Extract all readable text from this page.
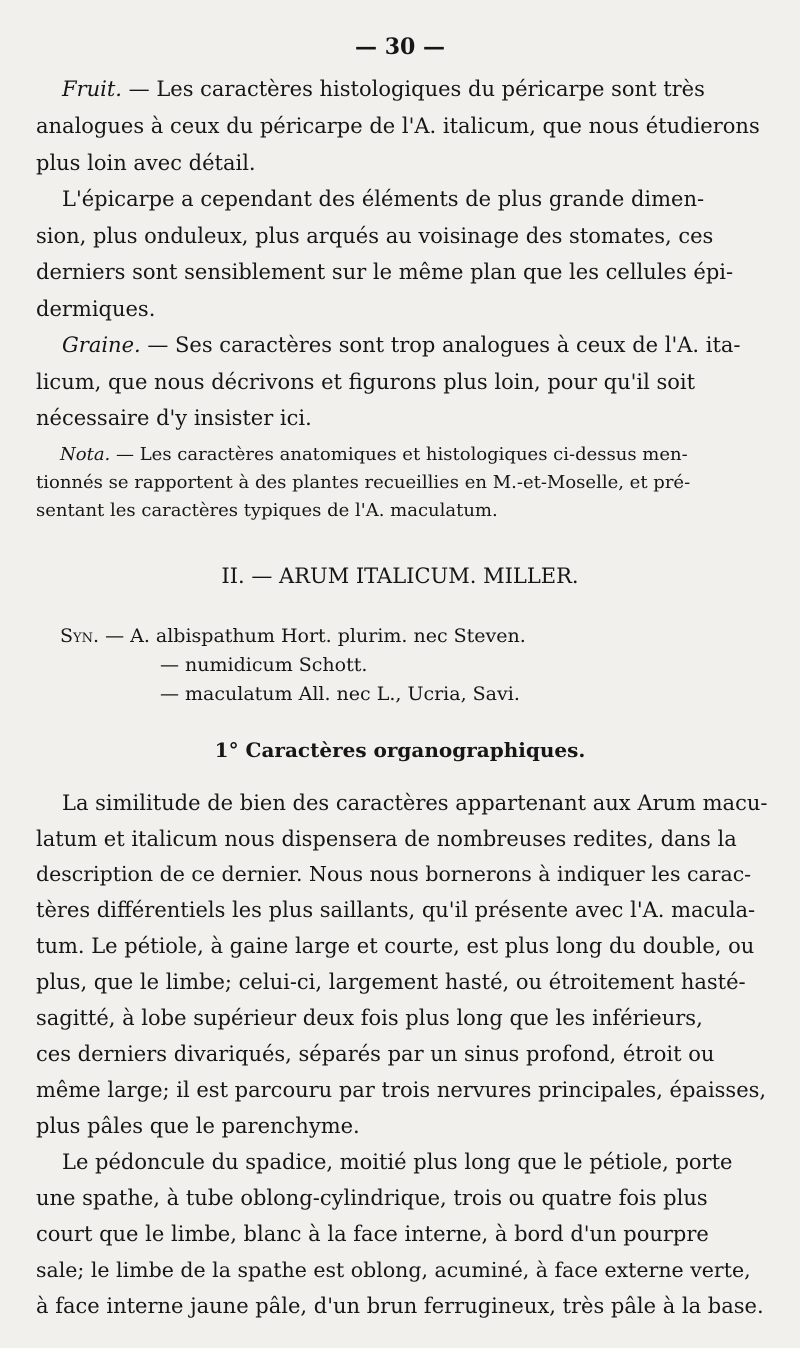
— 30 —
Fruit. — Les caractères histologiques du péricarpe sont très
analogues à ceux du péricarpe de l'A. italicum, que nous étudierons
plus loin avec détail.
L'épicarpe a cependant des éléments de plus grande dimen-
sion, plus onduleux, plus arqués au voisinage des stomates, ces
derniers sont sensiblement sur le même plan que les cellules épi-
dermiques.
Graine. — Ses caractères sont trop analogues à ceux de l'A. ita-
licum, que nous décrivons et figurons plus loin, pour qu'il soit
nécessaire d'y insister ici.
Nota. — Les caractères anatomiques et histologiques ci-dessus men-
tionnés se rapportent à des plantes recueillies en M.-et-Moselle, et pré-
sentant les caractères typiques de l'A. maculatum.
II. — ARUM ITALICUM. MILLER.
Syn. — A. albispathum Hort. plurim. nec Steven.
— numidicum Schott.
— maculatum All. nec L., Ucria, Savi.
1° Caractères organographiques.
La similitude de bien des caractères appartenant aux Arum macu-
latum et italicum nous dispensera de nombreuses redites, dans la
description de ce dernier. Nous nous bornerons à indiquer les carac-
tères différentiels les plus saillants, qu'il présente avec l'A. macula-
tum. Le pétiole, à gaine large et courte, est plus long du double, ou
plus, que le limbe; celui-ci, largement hasté, ou étroitement hasté-
sagitté, à lobe supérieur deux fois plus long que les inférieurs,
ces derniers divariqués, séparés par un sinus profond, étroit ou
même large; il est parcouru par trois nervures principales, épaisses,
plus pâles que le parenchyme.
Le pédoncule du spadice, moitié plus long que le pétiole, porte
une spathe, à tube oblong-cylindrique, trois ou quatre fois plus
court que le limbe, blanc à la face interne, à bord d'un pourpre
sale; le limbe de la spathe est oblong, acuminé, à face externe verte,
à face interne jaune pâle, d'un brun ferrugineux, très pâle à la base.
